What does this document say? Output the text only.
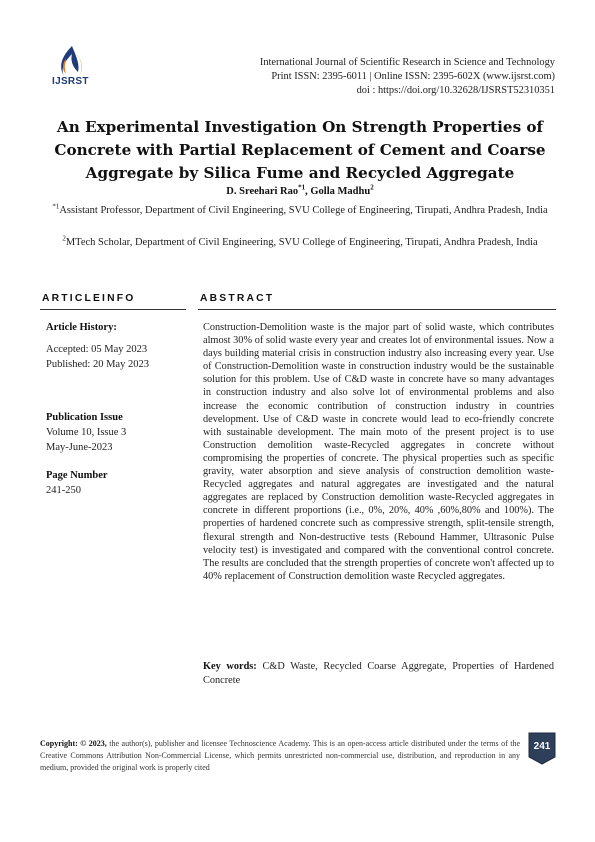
IJSRST
International Journal of Scientific Research in Science and Technology
Print ISSN: 2395-6011 | Online ISSN: 2395-602X (www.ijsrst.com)
doi : https://doi.org/10.32628/IJSRST52310351
An Experimental Investigation On Strength Properties of Concrete with Partial Replacement of Cement and Coarse Aggregate by Silica Fume and Recycled Aggregate
D. Sreehari Rao$^{*1}$, Golla Madhu$^2$
$^{*1}$Assistant Professor, Department of Civil Engineering, SVU College of Engineering, Tirupati, Andhra Pradesh, India
$^2$MTech Scholar, Department of Civil Engineering, SVU College of Engineering, Tirupati, Andhra Pradesh, India
ARTICLEINFO	ABSTRACT
Article History:
Accepted: 05 May 2023
Published: 20 May 2023
Publication Issue
Volume 10, Issue 3
May-June-2023
Page Number
241-250
Construction-Demolition waste is the major part of solid waste, which contributes almost 30% of solid waste every year and creates lot of environmental issues. Now a days building material crisis in construction industry also increasing every year. Use of Construction-Demolition waste in construction industry would be the sustainable solution for this problem. Use of C&D waste in concrete have so many advantages in construction industry and also solve lot of environmental problems and also increase the economic contribution of construction industry in countries development. Use of C&D waste in concrete would lead to eco-friendly concrete with sustainable development. The main moto of the present project is to use Construction demolition waste-Recycled aggregates in concrete without compromising the properties of concrete. The physical properties such as specific gravity, water absorption and sieve analysis of construction demolition waste-Recycled aggregates and natural aggregates are investigated and the natural aggregates are replaced by Construction demolition waste-Recycled aggregates in concrete in different proportions (i.e., 0%, 20%, 40% ,60%,80% and 100%). The properties of hardened concrete such as compressive strength, split-tensile strength, flexural strength and Non-destructive tests (Rebound Hammer, Ultrasonic Pulse velocity test) is investigated and compared with the conventional control concrete. The results are concluded that the strength properties of concrete won't affected up to 40% replacement of Construction demolition waste Recycled aggregates.
Key words: C&D Waste, Recycled Coarse Aggregate, Properties of Hardened Concrete
Copyright: © 2023, the author(s), publisher and licensee Technoscience Academy. This is an open-access article distributed under the terms of the Creative Commons Attribution Non-Commercial License, which permits unrestricted non-commercial use, distribution, and reproduction in any medium, provided the original work is properly cited
241
